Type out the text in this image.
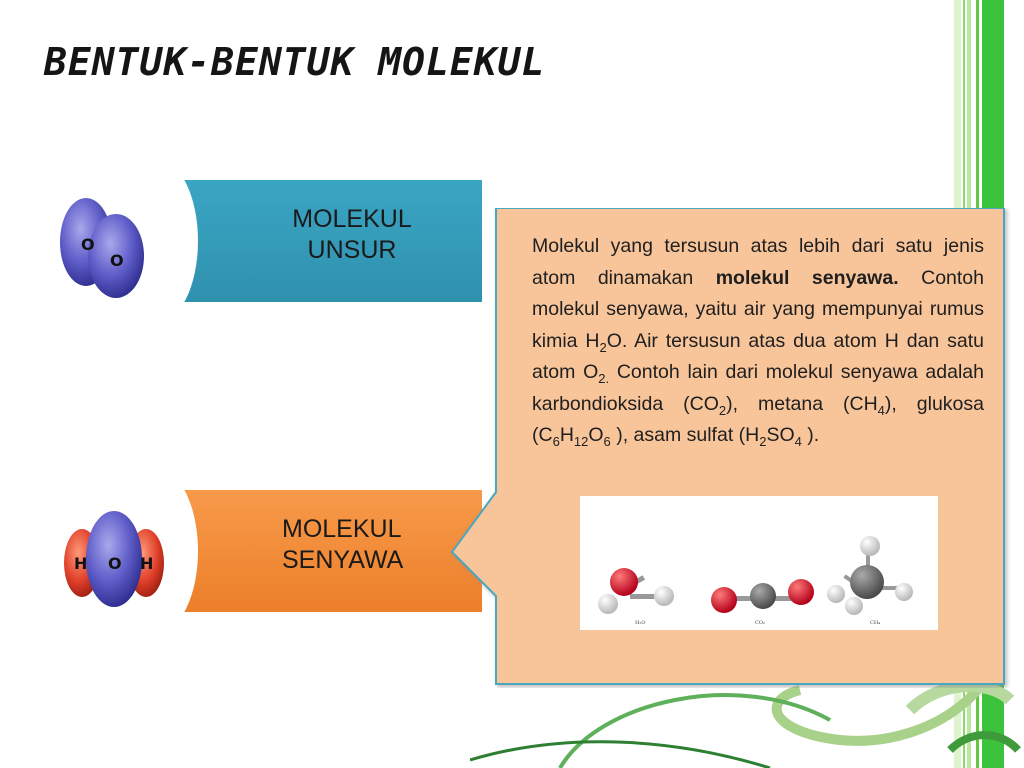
BENTUK-BENTUK MOLEKUL
MOLEKUL
UNSUR
O
O
MOLEKUL
SENYAWA
H O H
Molekul yang tersusun atas lebih dari satu jenis atom dinamakan molekul senyawa. Contoh molekul senyawa, yaitu air yang mempunyai rumus kimia $H_2O$. Air tersusun atas dua atom H dan satu atom $O_{2.}$ Contoh lain dari molekul senyawa adalah karbondioksida $(CO_2)$, metana $(CH_4)$, glukosa ($C_6H_{12}O_6$ ), asam sulfat ($H_2SO_4$ ).
H₂O	CO₂	CH₄
